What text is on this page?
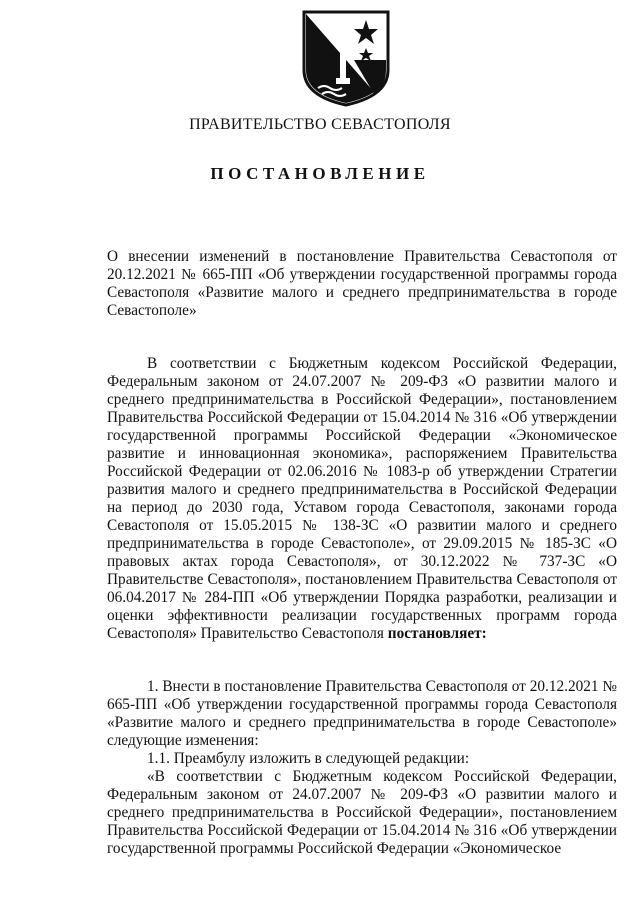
ПРАВИТЕЛЬСТВО СЕВАСТОПОЛЯ
ПОСТАНОВЛЕНИЕ
О внесении изменений в постановление Правительства Севастополя от 20.12.2021 № 665-ПП «Об утверждении государственной программы города Севастополя «Развитие малого и среднего предпринимательства в городе Севастополе»

В соответствии с Бюджетным кодексом Российской Федерации, Федеральным законом от 24.07.2007 № 209-ФЗ «О развитии малого и среднего предпринимательства в Российской Федерации», постановлением Правительства Российской Федерации от 15.04.2014 № 316 «Об утверждении государственной программы Российской Федерации «Экономическое развитие и инновационная экономика», распоряжением Правительства Российской Федерации от 02.06.2016 № 1083-р об утверждении Стратегии развития малого и среднего предпринимательства в Российской Федерации на период до 2030 года, Уставом города Севастополя, законами города Севастополя от 15.05.2015 № 138-ЗС «О развитии малого и среднего предпринимательства в городе Севастополе», от 29.09.2015 № 185-ЗС «О правовых актах города Севастополя», от 30.12.2022 № 737-ЗС «О Правительстве Севастополя», постановлением Правительства Севастополя от 06.04.2017 № 284-ПП «Об утверждении Порядка разработки, реализации и оценки эффективности реализации государственных программ города Севастополя» Правительство Севастополя постановляет:

1. Внести в постановление Правительства Севастополя от 20.12.2021 № 665-ПП «Об утверждении государственной программы города Севастополя «Развитие малого и среднего предпринимательства в городе Севастополе» следующие изменения:

1.1. Преамбулу изложить в следующей редакции:

«В соответствии с Бюджетным кодексом Российской Федерации, Федеральным законом от 24.07.2007 № 209-ФЗ «О развитии малого и среднего предпринимательства в Российской Федерации», постановлением Правительства Российской Федерации от 15.04.2014 № 316 «Об утверждении государственной программы Российской Федерации «Экономическое
